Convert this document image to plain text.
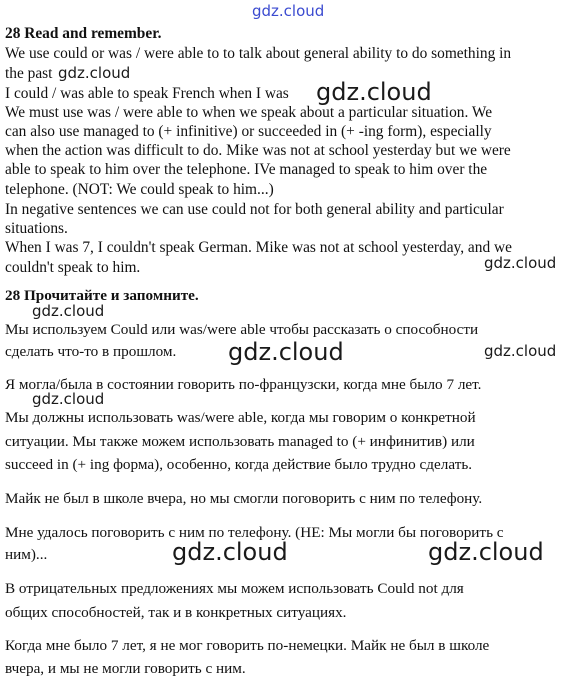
gdz.cloud
28 Read and remember.
We use could or was / were able to to talk about general ability to do something in
the past
I could / was able to speak French when I was
We must use was / were able to when we speak about a particular situation. We
can also use managed to (+ infinitive) or succeeded in (+ -ing form), especially
when the action was difficult to do. Mike was not at school yesterday but we were
able to speak to him over the telephone. IVe managed to speak to him over the
telephone. (NOT: We could speak to him...)
In negative sentences we can use could not for both general ability and particular
situations.
When I was 7, I couldn't speak German. Mike was not at school yesterday, and we
couldn't speak to him.
28 Прочитайте и запомните.
Мы используем Could или was/were able чтобы рассказать о способности
сделать что-то в прошлом.
Я могла/была в состоянии говорить по-французски, когда мне было 7 лет.
Мы должны использовать was/were able, когда мы говорим о конкретной
ситуации. Мы также можем использовать managed to (+ инфинитив) или
succeed in (+ ing форма), особенно, когда действие было трудно сделать.
Майк не был в школе вчера, но мы смогли поговорить с ним по телефону.
Мне удалось поговорить с ним по телефону. (НЕ: Мы могли бы поговорить с
ним)...
В отрицательных предложениях мы можем использовать Could not для
общих способностей, так и в конкретных ситуациях.
Когда мне было 7 лет, я не мог говорить по-немецки. Майк не был в школе
вчера, и мы не могли говорить с ним.
gdz.cloud
gdz.cloud
gdz.cloud
gdz.cloud
gdz.cloud	gdz.cloud
gdz.cloud
gdz.cloud	gdz.cloud
